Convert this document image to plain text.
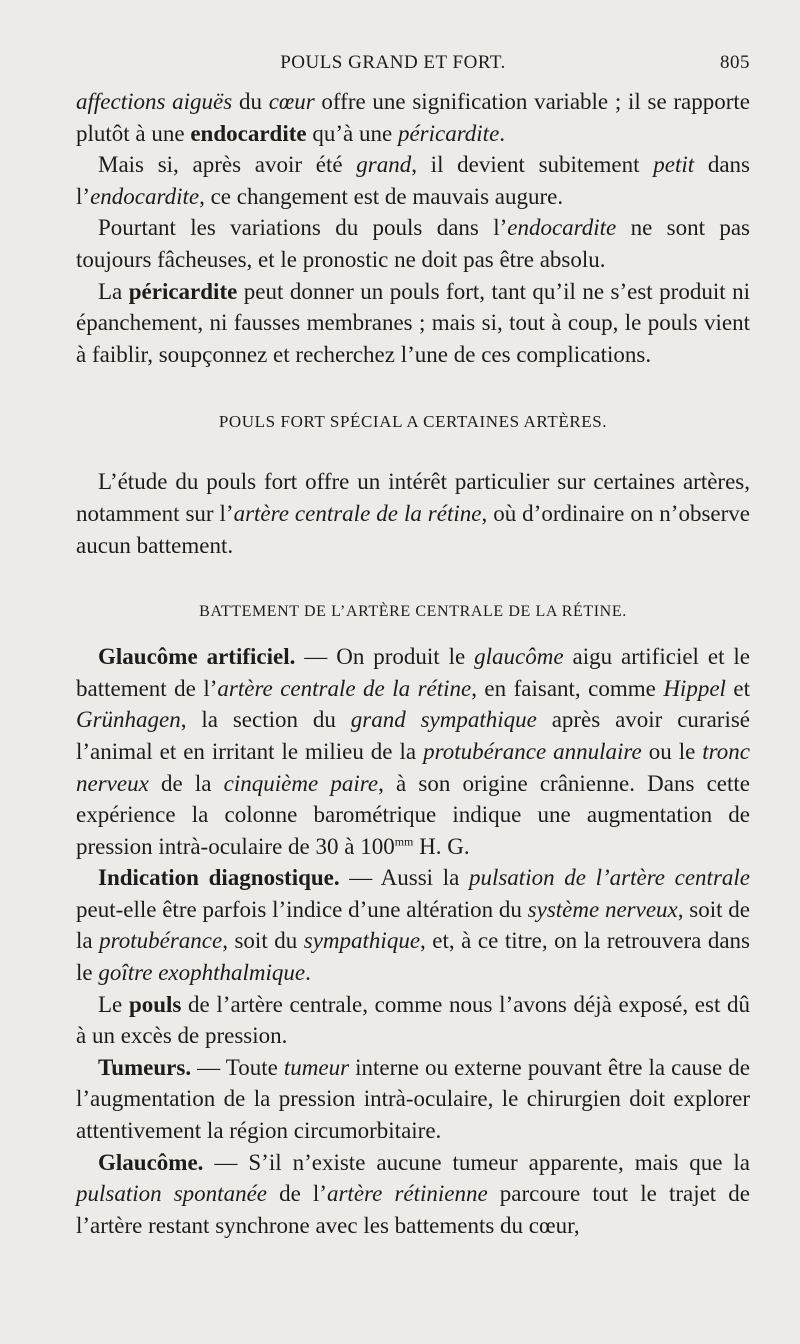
POULS GRAND ET FORT.	805

affections aiguës du cœur offre une signification variable ; il se rapporte plutôt à une endocardite qu’à une péricardite.

Mais si, après avoir été grand, il devient subitement petit dans l’endocardite, ce changement est de mauvais augure.

Pourtant les variations du pouls dans l’endocardite ne sont pas toujours fâcheuses, et le pronostic ne doit pas être absolu.

La péricardite peut donner un pouls fort, tant qu’il ne s’est produit ni épanchement, ni fausses membranes ; mais si, tout à coup, le pouls vient à faiblir, soupçonnez et recherchez l’une de ces complications.

POULS FORT SPÉCIAL A CERTAINES ARTÈRES.

L’étude du pouls fort offre un intérêt particulier sur certaines artères, notamment sur l’artère centrale de la rétine, où d’ordinaire on n’observe aucun battement.

BATTEMENT DE L’ARTÈRE CENTRALE DE LA RÉTINE.

Glaucôme artificiel. — On produit le glaucôme aigu artificiel et le battement de l’artère centrale de la rétine, en faisant, comme Hippel et Grünhagen, la section du grand sympathique après avoir curarisé l’animal et en irritant le milieu de la protubérance annulaire ou le tronc nerveux de la cinquième paire, à son origine crânienne. Dans cette expérience la colonne barométrique indique une augmentation de pression intrà-oculaire de 30 à $100^{mm}$ H. G.

Indication diagnostique. — Aussi la pulsation de l’artère centrale peut-elle être parfois l’indice d’une altération du système nerveux, soit de la protubérance, soit du sympathique, et, à ce titre, on la retrouvera dans le goître exophthalmique.

Le pouls de l’artère centrale, comme nous l’avons déjà exposé, est dû à un excès de pression.

Tumeurs. — Toute tumeur interne ou externe pouvant être la cause de l’augmentation de la pression intrà-oculaire, le chirurgien doit explorer attentivement la région circumorbitaire.

Glaucôme. — S’il n’existe aucune tumeur apparente, mais que la pulsation spontanée de l’artère rétinienne parcoure tout le trajet de l’artère restant synchrone avec les battements du cœur,
